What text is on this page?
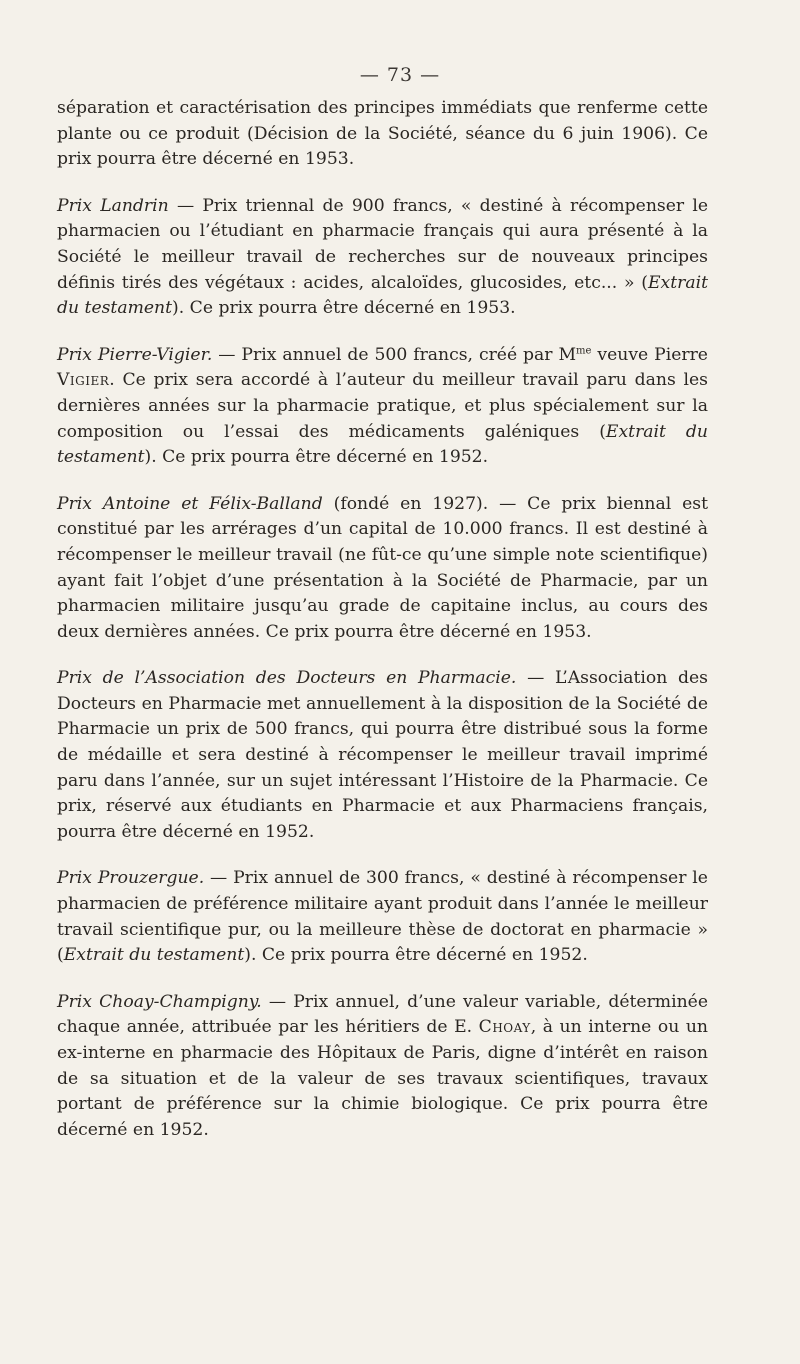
— 73 —

séparation et caractérisation des principes immédiats que renferme cette plante ou ce produit (Décision de la Société, séance du 6 juin 1906). Ce prix pourra être décerné en 1953.

Prix Landrin — Prix triennal de 900 francs, « destiné à récompenser le pharmacien ou l’étudiant en pharmacie français qui aura présenté à la Société le meilleur travail de recherches sur de nouveaux principes définis tirés des végétaux : acides, alcaloïdes, glucosides, etc... » (Extrait du testament). Ce prix pourra être décerné en 1953.

Prix Pierre-Vigier. — Prix annuel de 500 francs, créé par $M^{me}$ veuve Pierre Vigier. Ce prix sera accordé à l’auteur du meilleur travail paru dans les dernières années sur la pharmacie pratique, et plus spécialement sur la composition ou l’essai des médicaments galéniques (Extrait du testament). Ce prix pourra être décerné en 1952.

Prix Antoine et Félix-Balland (fondé en 1927). — Ce prix biennal est constitué par les arrérages d’un capital de 10.000 francs. Il est destiné à récompenser le meilleur travail (ne fût-ce qu’une simple note scientifique) ayant fait l’objet d’une présentation à la Société de Pharmacie, par un pharmacien militaire jusqu’au grade de capitaine inclus, au cours des deux dernières années. Ce prix pourra être décerné en 1953.

Prix de l’Association des Docteurs en Pharmacie. — L’Association des Docteurs en Pharmacie met annuellement à la disposition de la Société de Pharmacie un prix de 500 francs, qui pourra être distribué sous la forme de médaille et sera destiné à récompenser le meilleur travail imprimé paru dans l’année, sur un sujet intéressant l’Histoire de la Pharmacie. Ce prix, réservé aux étudiants en Pharmacie et aux Pharmaciens français, pourra être décerné en 1952.

Prix Prouzergue. — Prix annuel de 300 francs, « destiné à récompenser le pharmacien de préférence militaire ayant produit dans l’année le meilleur travail scientifique pur, ou la meilleure thèse de doctorat en pharmacie » (Extrait du testament). Ce prix pourra être décerné en 1952.

Prix Choay-Champigny. — Prix annuel, d’une valeur variable, déterminée chaque année, attribuée par les héritiers de E. Choay, à un interne ou un ex-interne en pharmacie des Hôpitaux de Paris, digne d’intérêt en raison de sa situation et de la valeur de ses travaux scientifiques, travaux portant de préférence sur la chimie biologique. Ce prix pourra être décerné en 1952.
